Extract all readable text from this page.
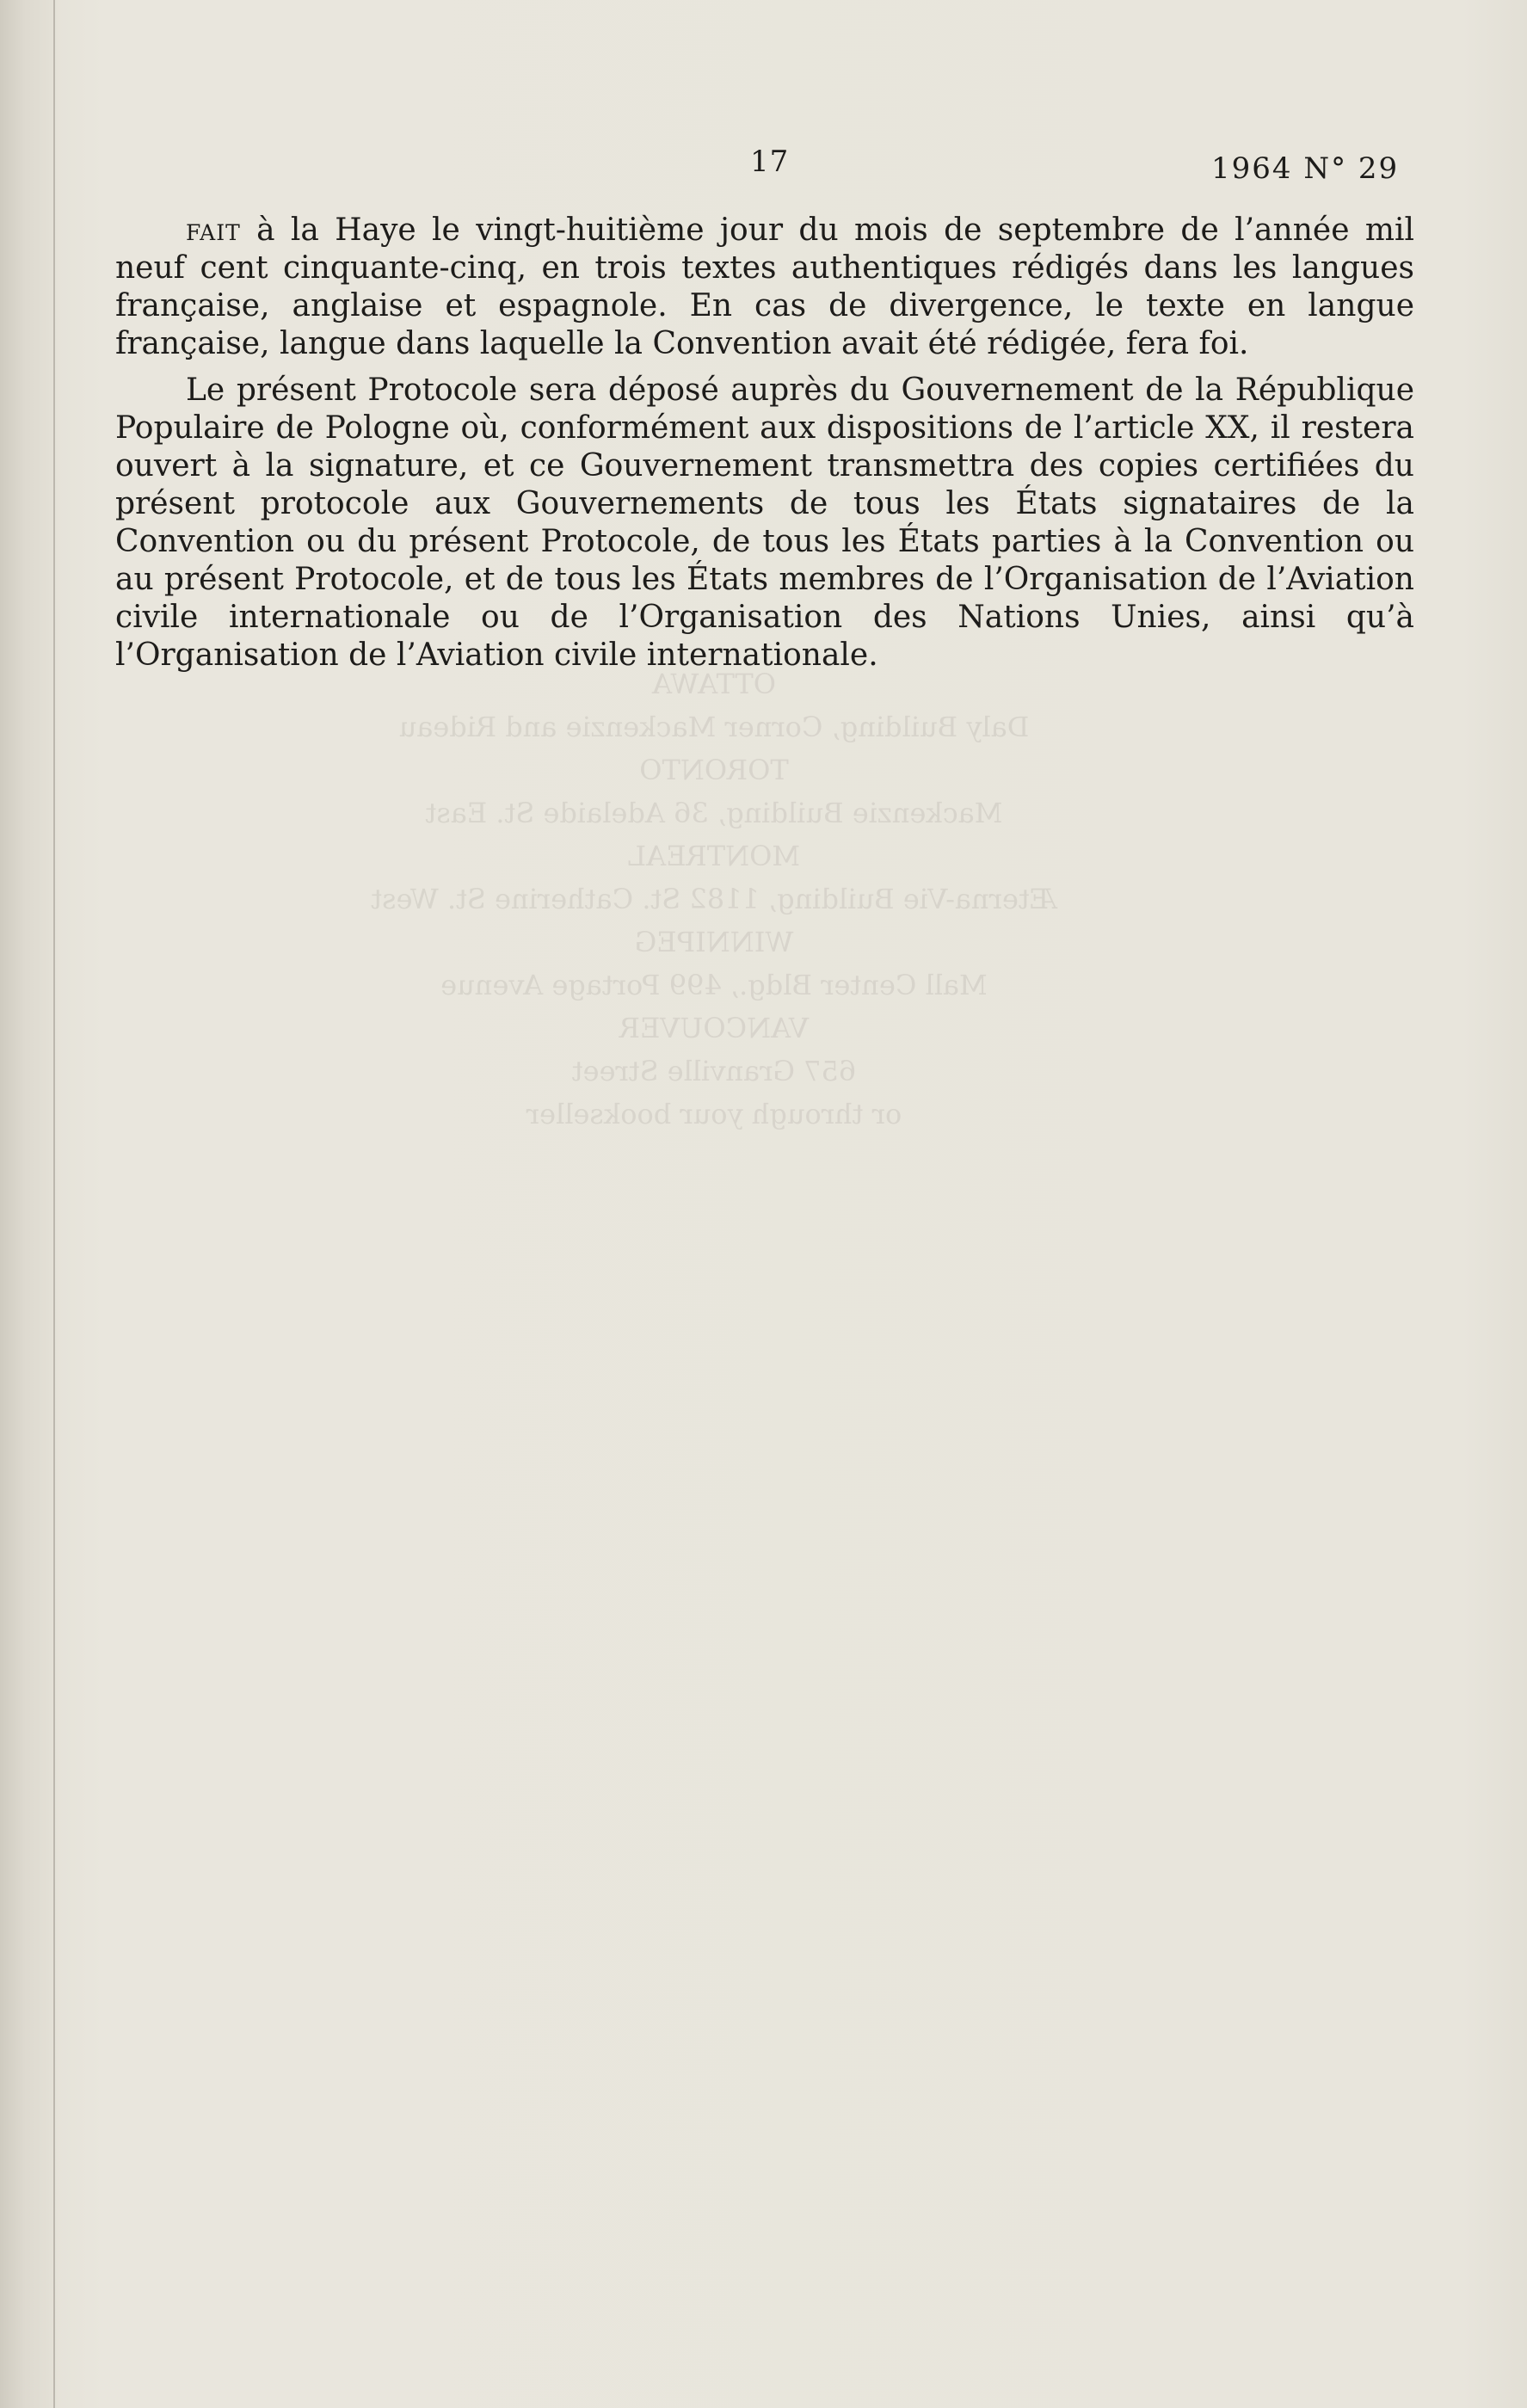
OTTAWA
Daly Building, Corner Mackenzie and Rideau
TORONTO
Mackenzie Building, 36 Adelaide St. East
MONTREAL
Æterna-Vie Building, 1182 St. Catherine St. West
WINNIPEG
Mall Center Bldg., 499 Portage Avenue
VANCOUVER
657 Granville Street
or through your bookseller
17	1964 N° 29

fait à la Haye le vingt-huitième jour du mois de septembre de l’année mil neuf cent cinquante-cinq, en trois textes authentiques rédigés dans les langues française, anglaise et espagnole. En cas de divergence, le texte en langue française, langue dans laquelle la Convention avait été rédigée, fera foi.

Le présent Protocole sera déposé auprès du Gouvernement de la République Populaire de Pologne où, conformément aux dispositions de l’article XX, il restera ouvert à la signature, et ce Gouvernement transmettra des copies certifiées du présent protocole aux Gouvernements de tous les États signataires de la Convention ou du présent Protocole, de tous les États parties à la Convention ou au présent Protocole, et de tous les États membres de l’Organisation de l’Aviation civile internationale ou de l’Organisation des Nations Unies, ainsi qu’à l’Organisation de l’Aviation civile internationale.
